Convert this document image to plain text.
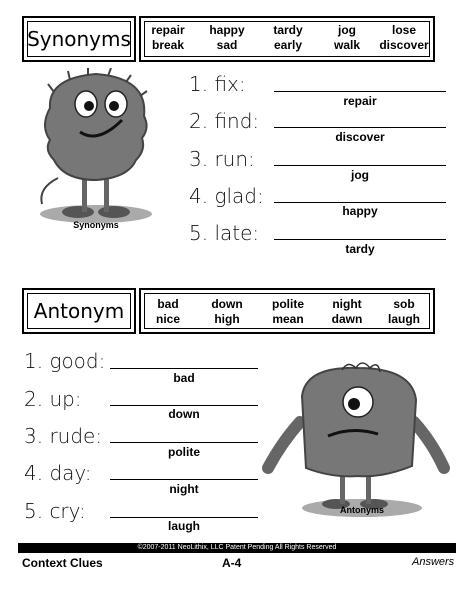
Synonyms	repair	happy	tardy	jog	lose
break	sad	early	walk	discover
Synonyms
1. fix:
repair
2. find:
discover
3. run:
jog
4. glad:
happy
5. late:
tardy
Antonym	bad	down	polite	night	sob
nice	high	mean	dawn	laugh
1. good:
bad
2. up:
down
3. rude:
polite
4. day:
night
5. cry:
laugh
Antonyms
©2007-2011 NeoLithix, LLC Patent Pending All Rights Reserved
Context Clues	A-4	Answers
